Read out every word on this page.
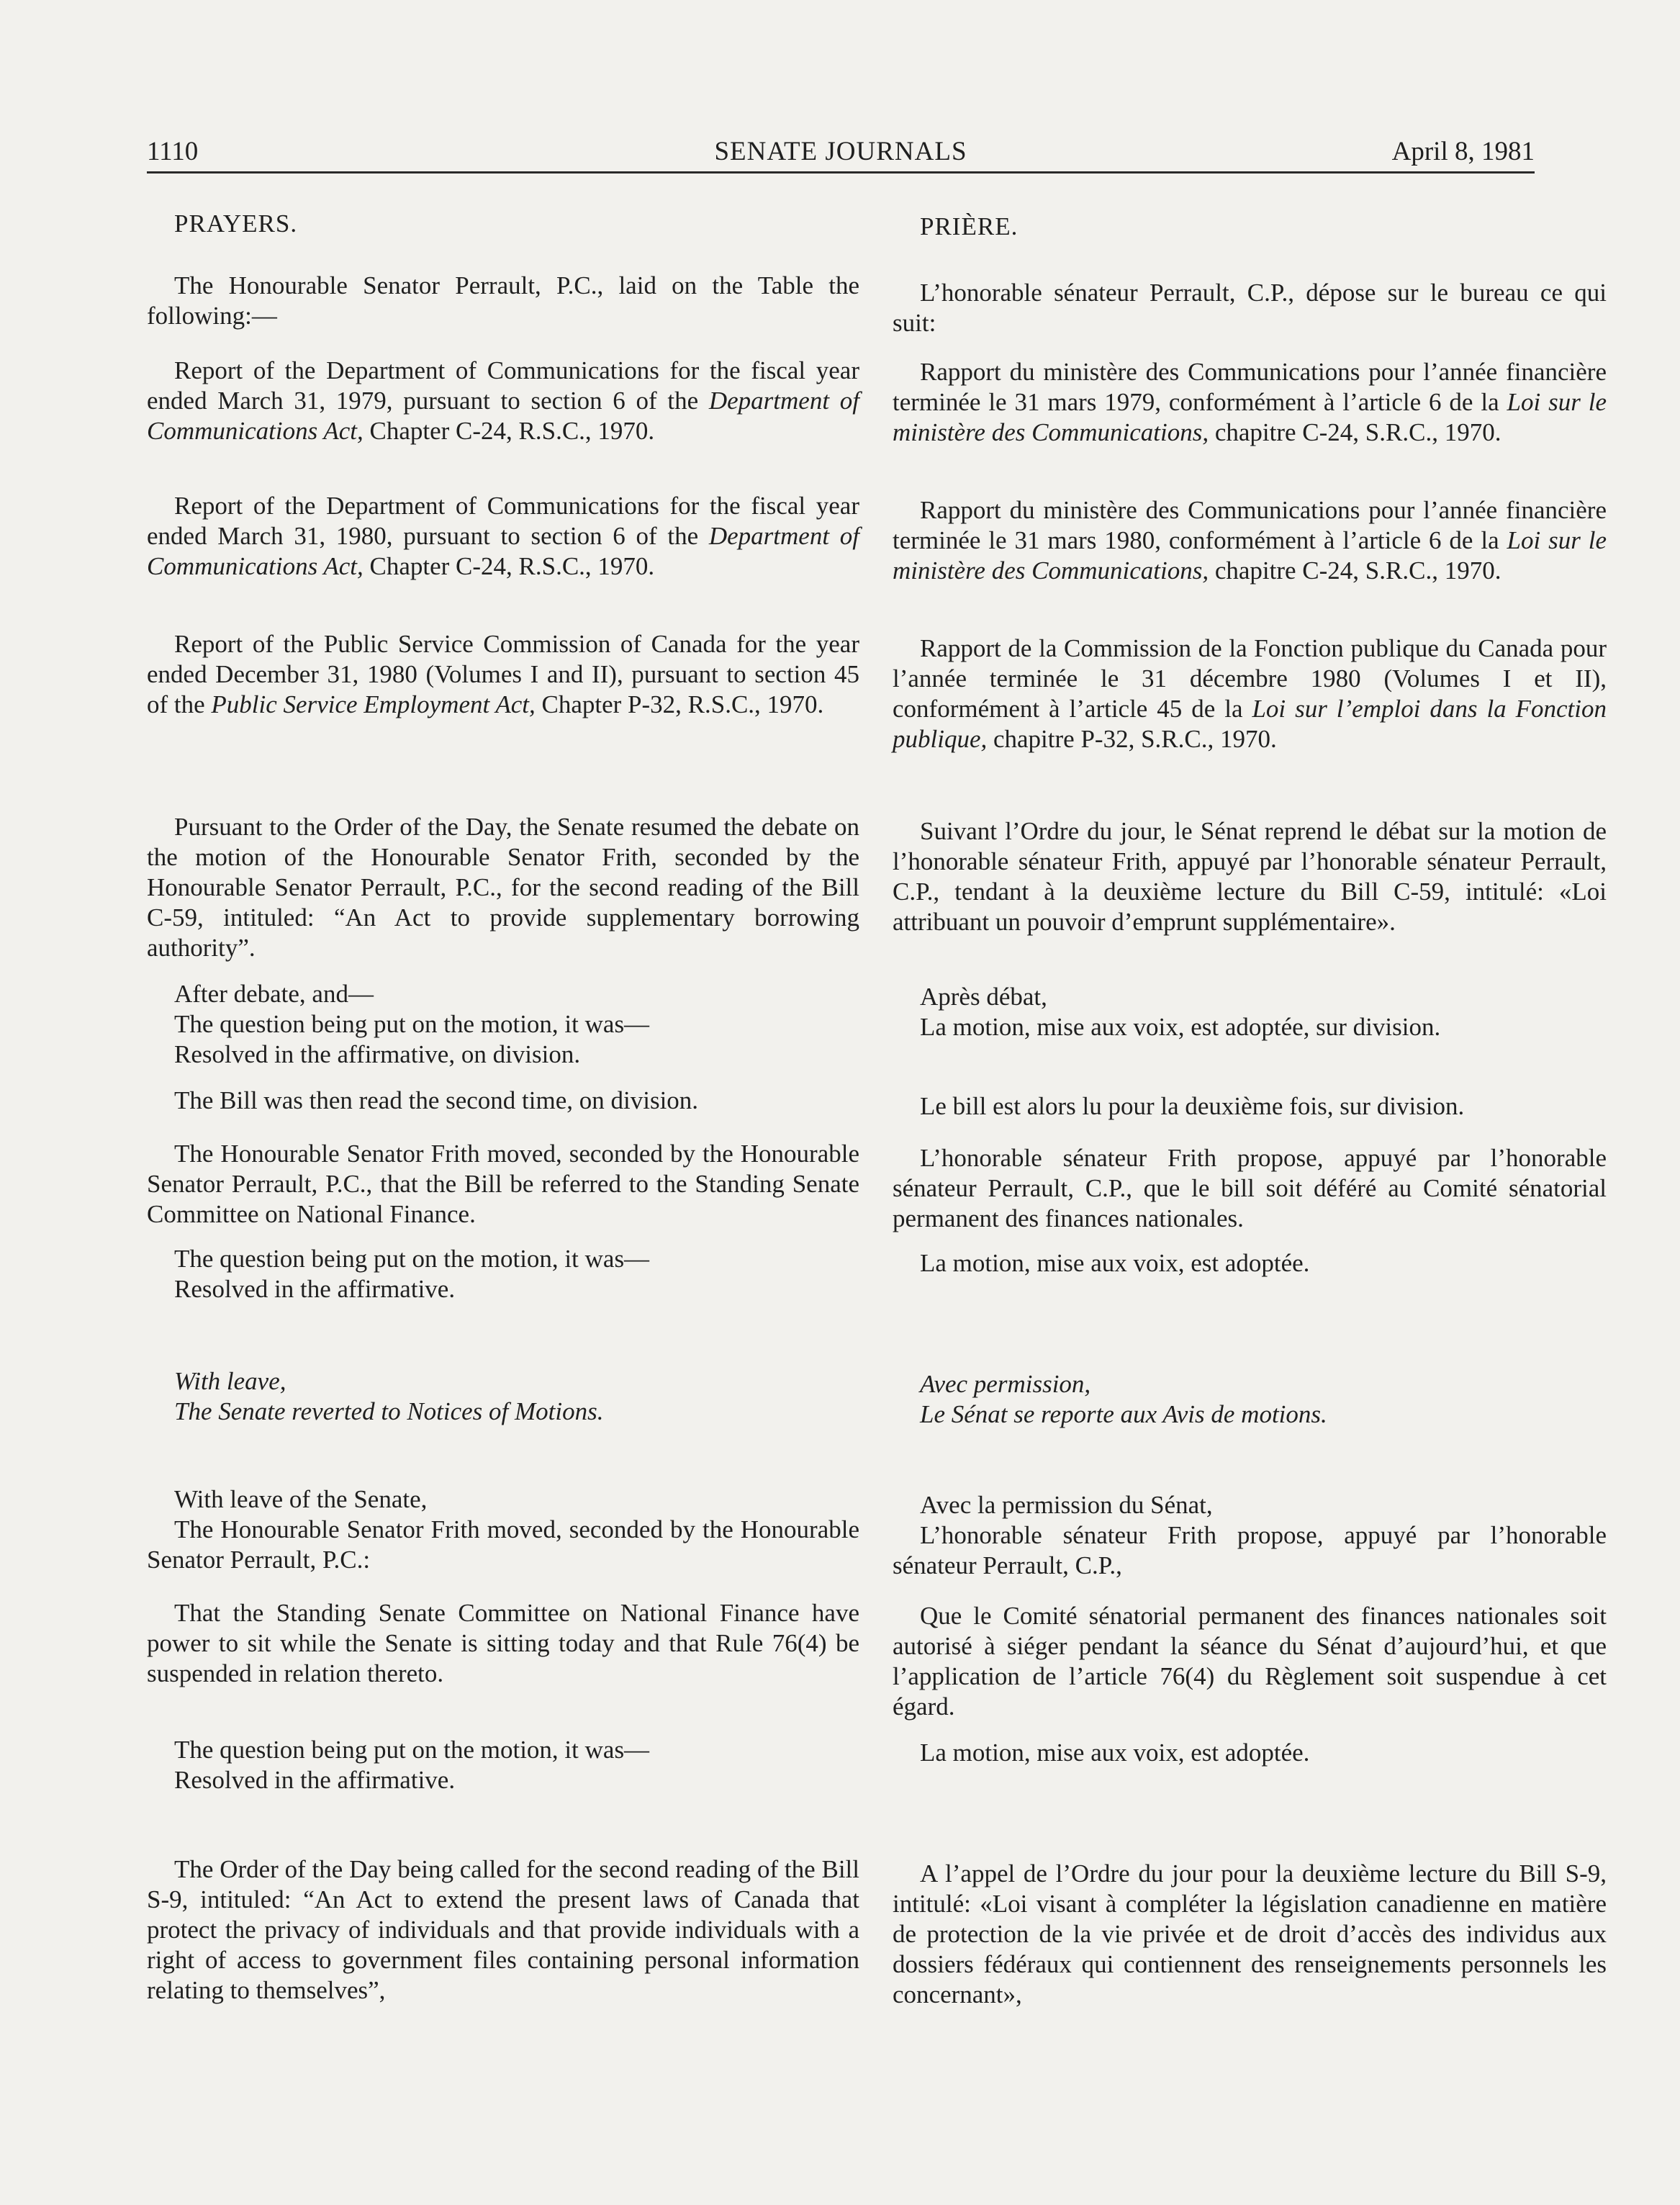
1110	SENATE JOURNALS	April 8, 1981
PRAYERS.
The Honourable Senator Perrault, P.C., laid on the Table the following:—
Report of the Department of Communications for the fiscal year ended March 31, 1979, pursuant to section 6 of the Department of Communications Act, Chapter C-24, R.S.C., 1970.
Report of the Department of Communications for the fiscal year ended March 31, 1980, pursuant to section 6 of the Department of Communications Act, Chapter C-24, R.S.C., 1970.
Report of the Public Service Commission of Canada for the year ended December 31, 1980 (Volumes I and II), pursuant to section 45 of the Public Service Employment Act, Chapter P-32, R.S.C., 1970.
Pursuant to the Order of the Day, the Senate resumed the debate on the motion of the Honourable Senator Frith, seconded by the Honourable Senator Perrault, P.C., for the second reading of the Bill C-59, intituled: “An Act to provide supplementary borrowing authority”.
After debate, and—
The question being put on the motion, it was—
Resolved in the affirmative, on division.
The Bill was then read the second time, on division.
The Honourable Senator Frith moved, seconded by the Honourable Senator Perrault, P.C., that the Bill be referred to the Standing Senate Committee on National Finance.
The question being put on the motion, it was—
Resolved in the affirmative.
With leave,
The Senate reverted to Notices of Motions.
With leave of the Senate,
The Honourable Senator Frith moved, seconded by the Honourable Senator Perrault, P.C.:
That the Standing Senate Committee on National Finance have power to sit while the Senate is sitting today and that Rule 76(4) be suspended in relation thereto.
The question being put on the motion, it was—
Resolved in the affirmative.
The Order of the Day being called for the second reading of the Bill S-9, intituled: “An Act to extend the present laws of Canada that protect the privacy of individuals and that provide individuals with a right of access to government files containing personal information relating to themselves”,
PRIÈRE.
L’honorable sénateur Perrault, C.P., dépose sur le bureau ce qui suit:
Rapport du ministère des Communications pour l’année financière terminée le 31 mars 1979, conformément à l’article 6 de la Loi sur le ministère des Communications, chapitre C-24, S.R.C., 1970.
Rapport du ministère des Communications pour l’année financière terminée le 31 mars 1980, conformément à l’article 6 de la Loi sur le ministère des Communications, chapitre C-24, S.R.C., 1970.
Rapport de la Commission de la Fonction publique du Canada pour l’année terminée le 31 décembre 1980 (Volumes I et II), conformément à l’article 45 de la Loi sur l’emploi dans la Fonction publique, chapitre P-32, S.R.C., 1970.
Suivant l’Ordre du jour, le Sénat reprend le débat sur la motion de l’honorable sénateur Frith, appuyé par l’honorable sénateur Perrault, C.P., tendant à la deuxième lecture du Bill C-59, intitulé: «Loi attribuant un pouvoir d’emprunt supplémentaire».
Après débat,
La motion, mise aux voix, est adoptée, sur division.
Le bill est alors lu pour la deuxième fois, sur division.
L’honorable sénateur Frith propose, appuyé par l’honorable sénateur Perrault, C.P., que le bill soit déféré au Comité sénatorial permanent des finances nationales.
La motion, mise aux voix, est adoptée.
Avec permission,
Le Sénat se reporte aux Avis de motions.
Avec la permission du Sénat,
L’honorable sénateur Frith propose, appuyé par l’honorable sénateur Perrault, C.P.,
Que le Comité sénatorial permanent des finances nationales soit autorisé à siéger pendant la séance du Sénat d’aujourd’hui, et que l’application de l’article 76(4) du Règlement soit suspendue à cet égard.
La motion, mise aux voix, est adoptée.
A l’appel de l’Ordre du jour pour la deuxième lecture du Bill S-9, intitulé: «Loi visant à compléter la législation canadienne en matière de protection de la vie privée et de droit d’accès des individus aux dossiers fédéraux qui contiennent des renseignements personnels les concernant»,
